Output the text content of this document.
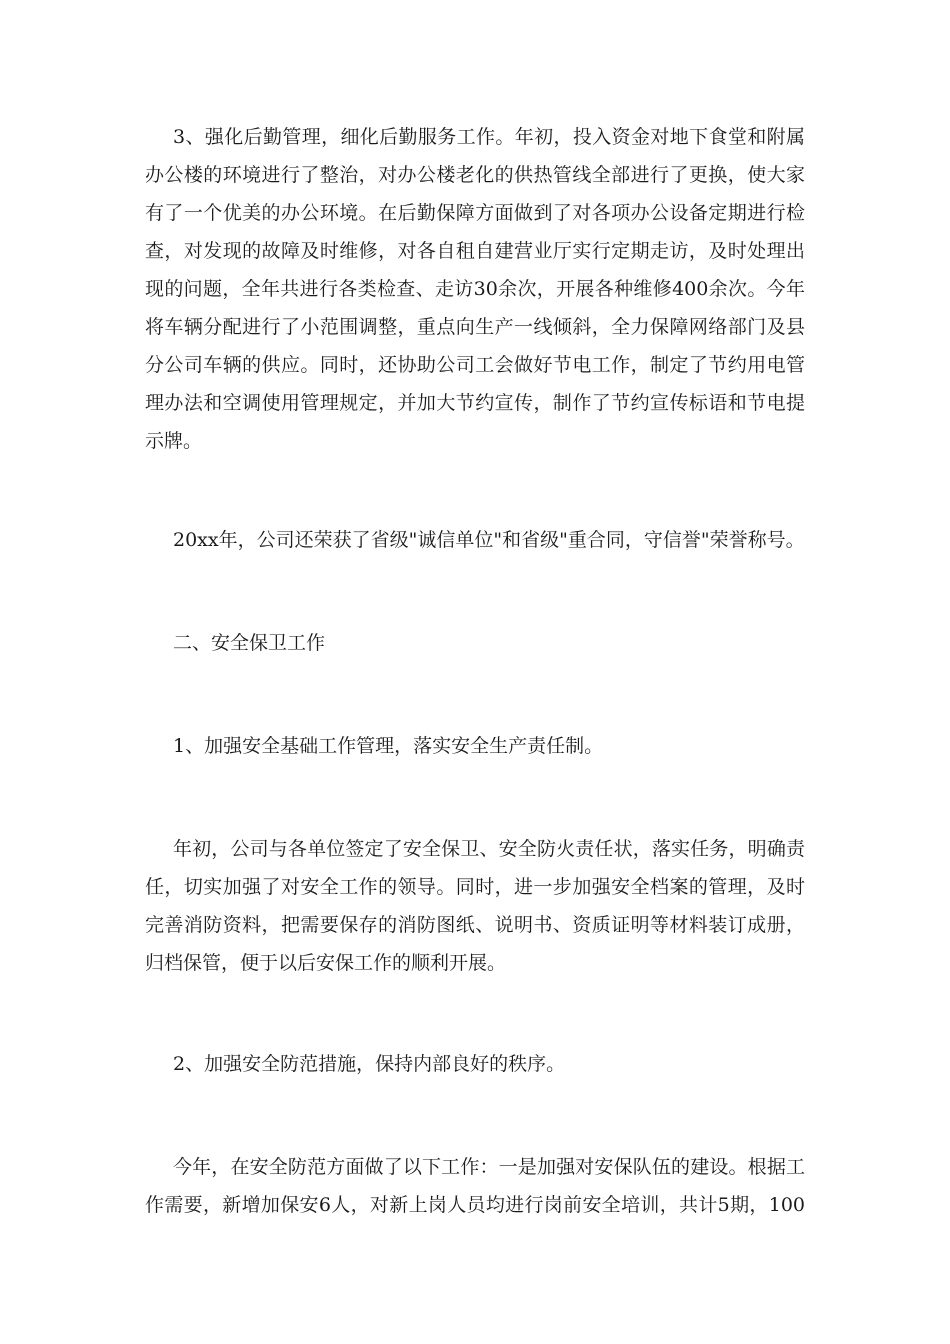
3、强化后勤管理，细化后勤服务工作。年初，投入资金对地下食堂和附属
办公楼的环境进行了整治，对办公楼老化的供热管线全部进行了更换，使大家
有了一个优美的办公环境。在后勤保障方面做到了对各项办公设备定期进行检
查，对发现的故障及时维修，对各自租自建营业厅实行定期走访，及时处理出
现的问题，全年共进行各类检查、走访30余次，开展各种维修400余次。今年
将车辆分配进行了小范围调整，重点向生产一线倾斜，全力保障网络部门及县
分公司车辆的供应。同时，还协助公司工会做好节电工作，制定了节约用电管
理办法和空调使用管理规定，并加大节约宣传，制作了节约宣传标语和节电提
示牌。
20xx年，公司还荣获了省级"诚信单位"和省级"重合同，守信誉"荣誉称号。
二、安全保卫工作
1、加强安全基础工作管理，落实安全生产责任制。
年初，公司与各单位签定了安全保卫、安全防火责任状，落实任务，明确责
任，切实加强了对安全工作的领导。同时，进一步加强安全档案的管理，及时
完善消防资料，把需要保存的消防图纸、说明书、资质证明等材料装订成册，
归档保管，便于以后安保工作的顺利开展。
2、加强安全防范措施，保持内部良好的秩序。
今年，在安全防范方面做了以下工作：一是加强对安保队伍的建设。根据工
作需要，新增加保安6人，对新上岗人员均进行岗前安全培训，共计5期，100
